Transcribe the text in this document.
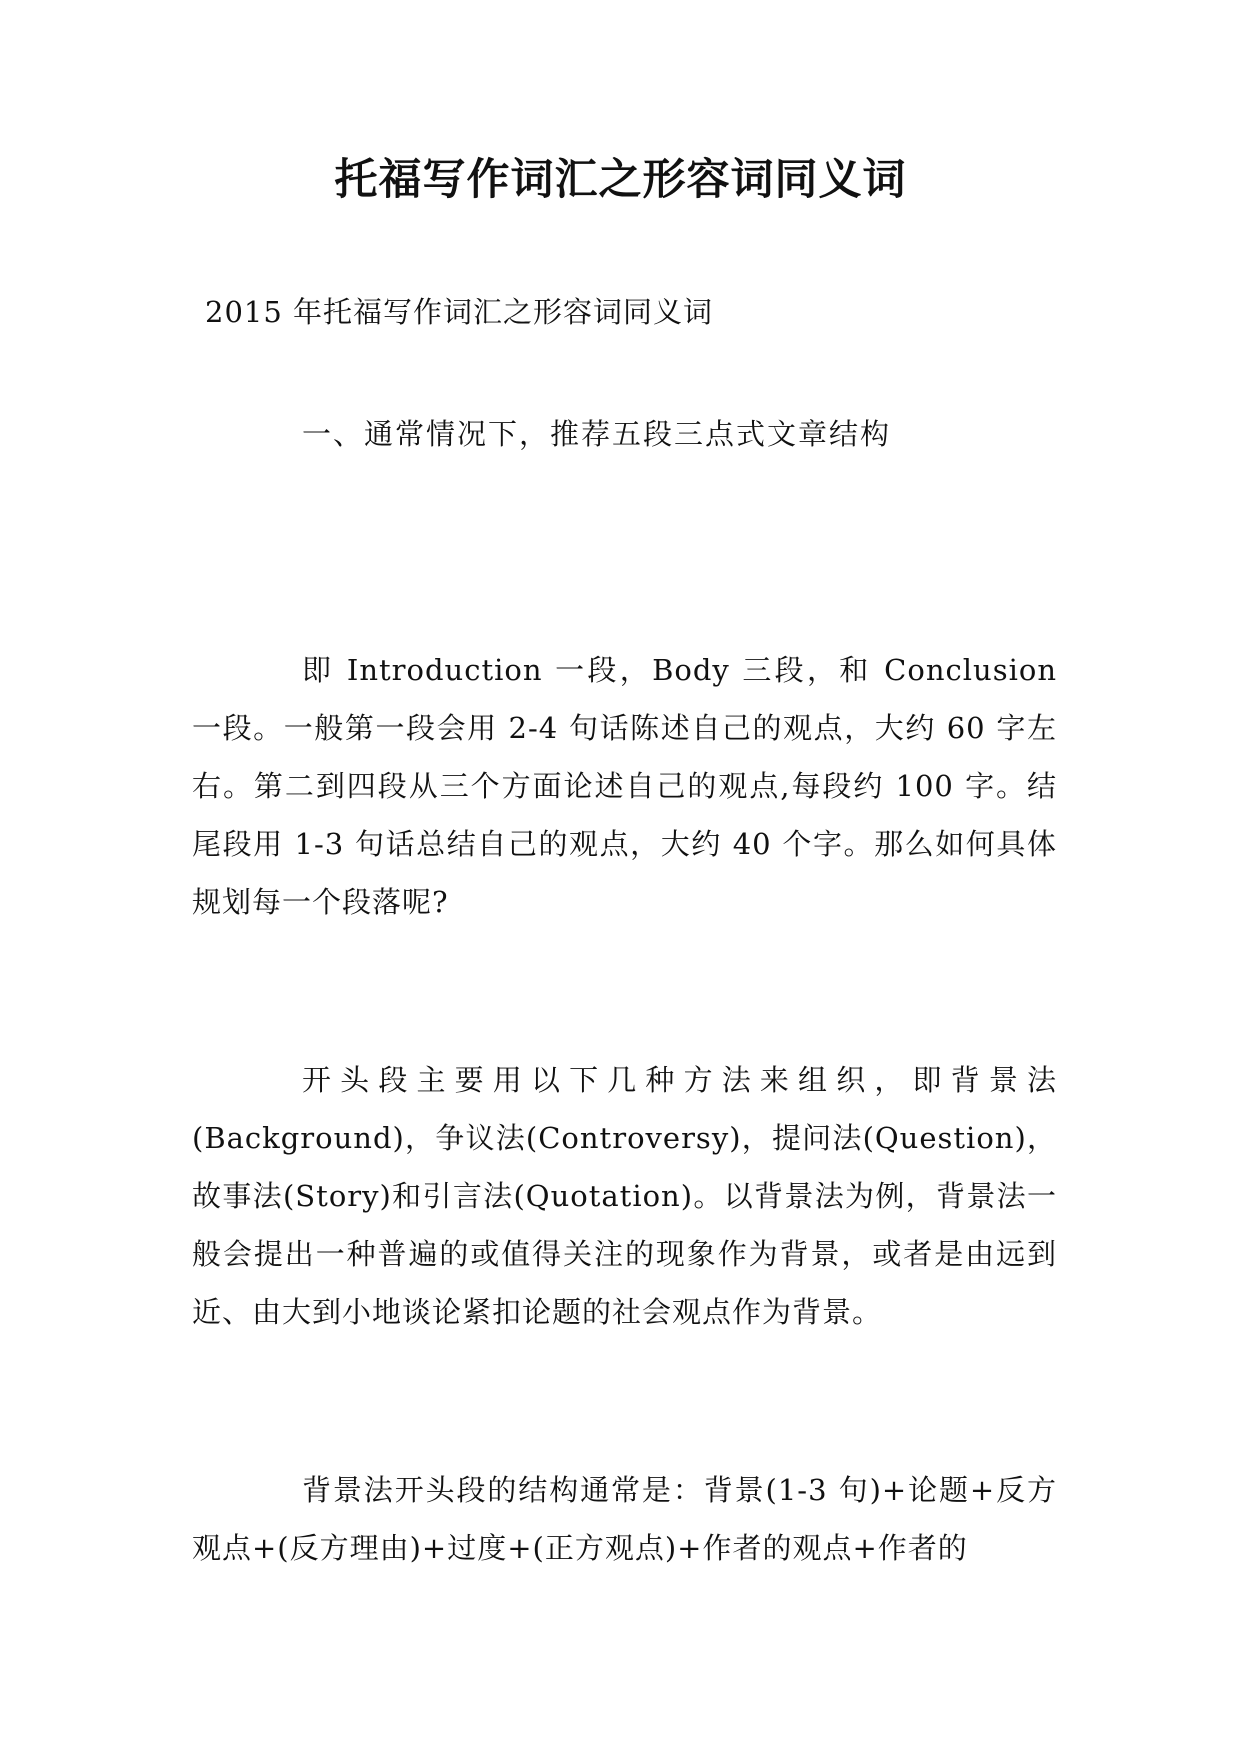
托福写作词汇之形容词同义词
2015 年托福写作词汇之形容词同义词
一、通常情况下，推荐五段三点式文章结构

即 Introduction 一段，Body 三段，和 Conclusion 一段。一般第一段会用 2-4 句话陈述自己的观点，大约 60 字左右。第二到四段从三个方面论述自己的观点,每段约 100 字。结尾段用 1-3 句话总结自己的观点，大约 40 个字。那么如何具体规划每一个段落呢?

开头段主要用以下几种方法来组织，即背景法(Background)，争议法(Controversy)，提问法(Question)，故事法(Story)和引言法(Quotation)。以背景法为例，背景法一般会提出一种普遍的或值得关注的现象作为背景，或者是由远到近、由大到小地谈论紧扣论题的社会观点作为背景。

背景法开头段的结构通常是：背景(1-3 句)+论题+反方观点+(反方理由)+过度+(正方观点)+作者的观点+作者的
